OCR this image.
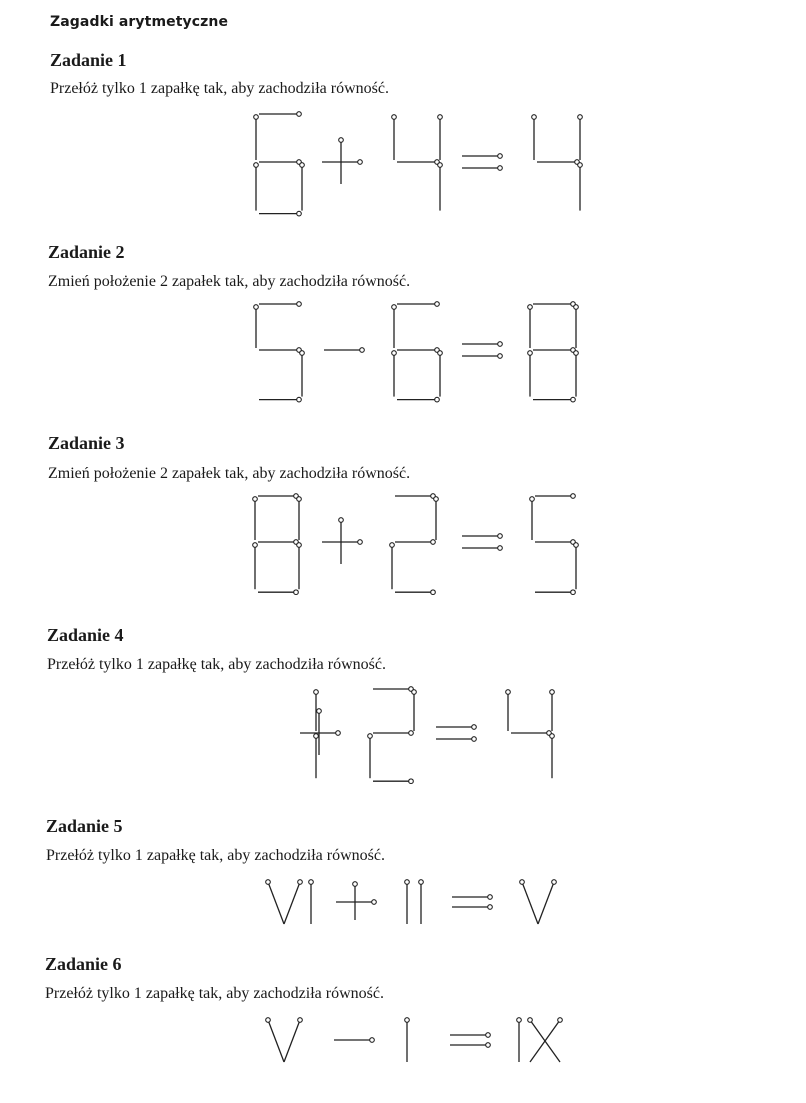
Zagadki arytmetyczne
Zadanie 1
Przełóż tylko 1 zapałkę tak, aby zachodziła równość.
Zadanie 2
Zmień położenie 2 zapałek tak, aby zachodziła równość.
Zadanie 3
Zmień położenie 2 zapałek tak, aby zachodziła równość.
Zadanie 4
Przełóż tylko 1 zapałkę tak, aby zachodziła równość.
Zadanie 5
Przełóż tylko 1 zapałkę tak, aby zachodziła równość.
Zadanie 6
Przełóż tylko 1 zapałkę tak, aby zachodziła równość.
